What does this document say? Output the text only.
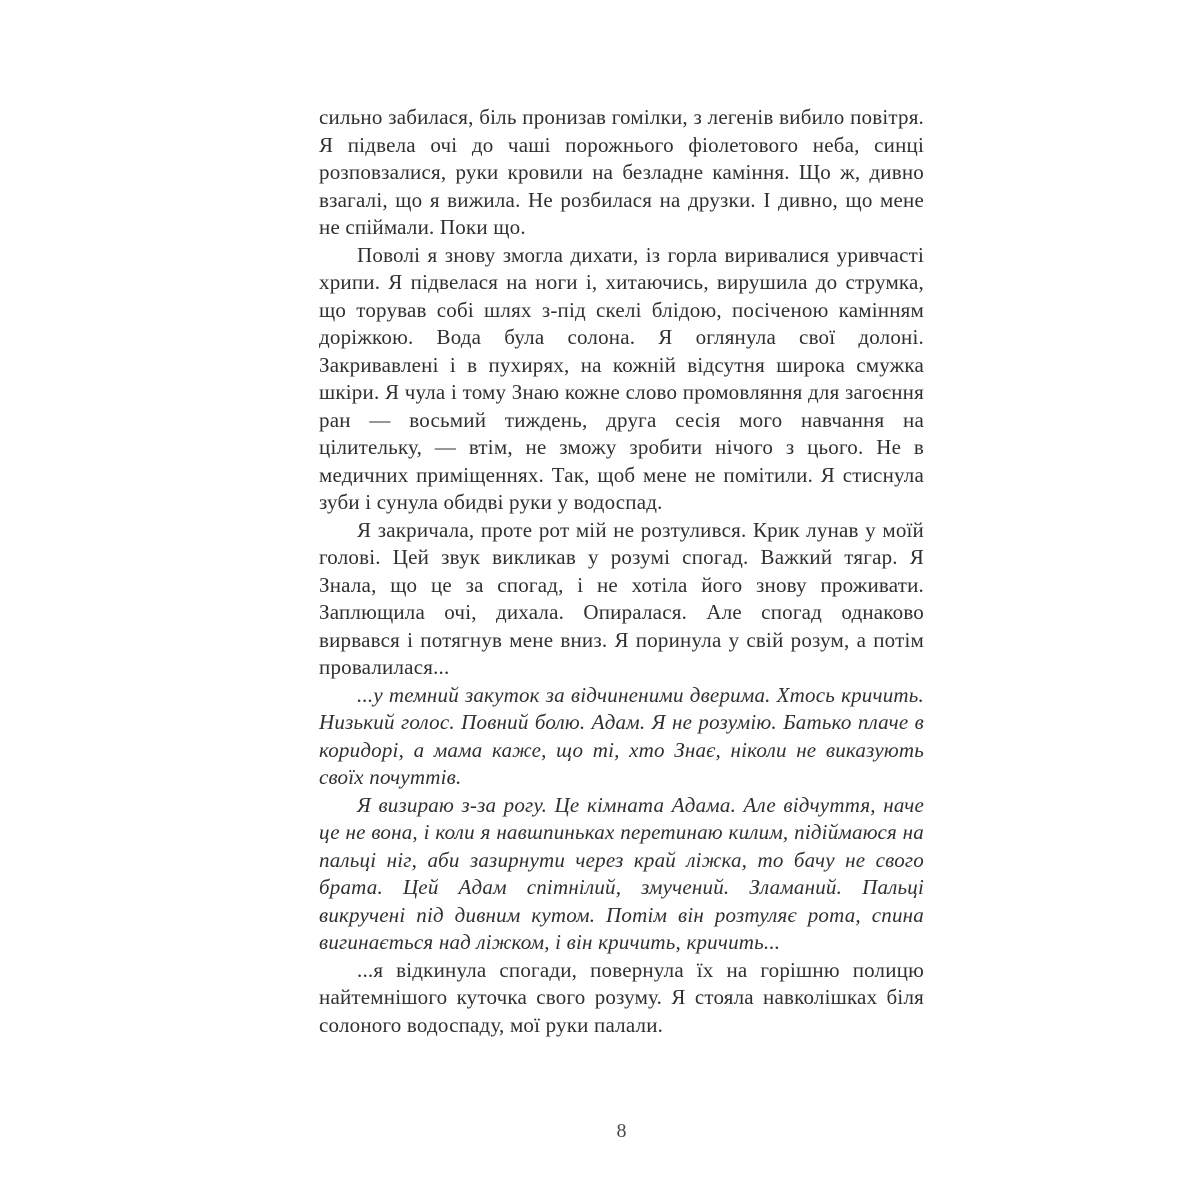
сильно забилася, біль пронизав гомілки, з легенів вибило повітря. Я підвела очі до чаші порожнього фіолетового неба, синці розповзалися, руки кровили на безладне каміння. Що ж, дивно взагалі, що я вижила. Не розбилася на друзки. І дивно, що мене не спіймали. Поки що.

Поволі я знову змогла дихати, із горла виривалися уривчасті хрипи. Я підвелася на ноги і, хитаючись, вирушила до струмка, що торував собі шлях з-під скелі блідою, посіченою камінням доріжкою. Вода була солона. Я оглянула свої долоні. Закривавлені і в пухирях, на кожній відсутня широка смужка шкіри. Я чула і тому Знаю кожне слово промовляння для загоєння ран — восьмий тиждень, друга сесія мого навчання на цілительку, — втім, не зможу зробити нічого з цього. Не в медичних приміщеннях. Так, щоб мене не помітили. Я стиснула зуби і сунула обидві руки у водоспад.

Я закричала, проте рот мій не розтулився. Крик лунав у моїй голові. Цей звук викликав у розумі спогад. Важкий тягар. Я Знала, що це за спогад, і не хотіла його знову проживати. Заплющила очі, дихала. Опиралася. Але спогад однаково вирвався і потягнув мене вниз. Я поринула у свій розум, а потім провалилася...

...у темний закуток за відчиненими дверима. Хтось кричить. Низький голос. Повний болю. Адам. Я не розумію. Батько плаче в коридорі, а мама каже, що ті, хто Знає, ніколи не виказують своїх почуттів.

Я визираю з-за рогу. Це кімната Адама. Але відчуття, наче це не вона, і коли я навшпиньках перетинаю килим, підіймаюся на пальці ніг, аби зазирнути через край ліжка, то бачу не свого брата. Цей Адам спітнілий, змучений. Зламаний. Пальці викручені під дивним кутом. Потім він розтуляє рота, спина вигинається над ліжком, і він кричить, кричить...

...я відкинула спогади, повернула їх на горішню полицю найтемнішого куточка свого розуму. Я стояла навколішках біля солоного водоспаду, мої руки палали.

8
